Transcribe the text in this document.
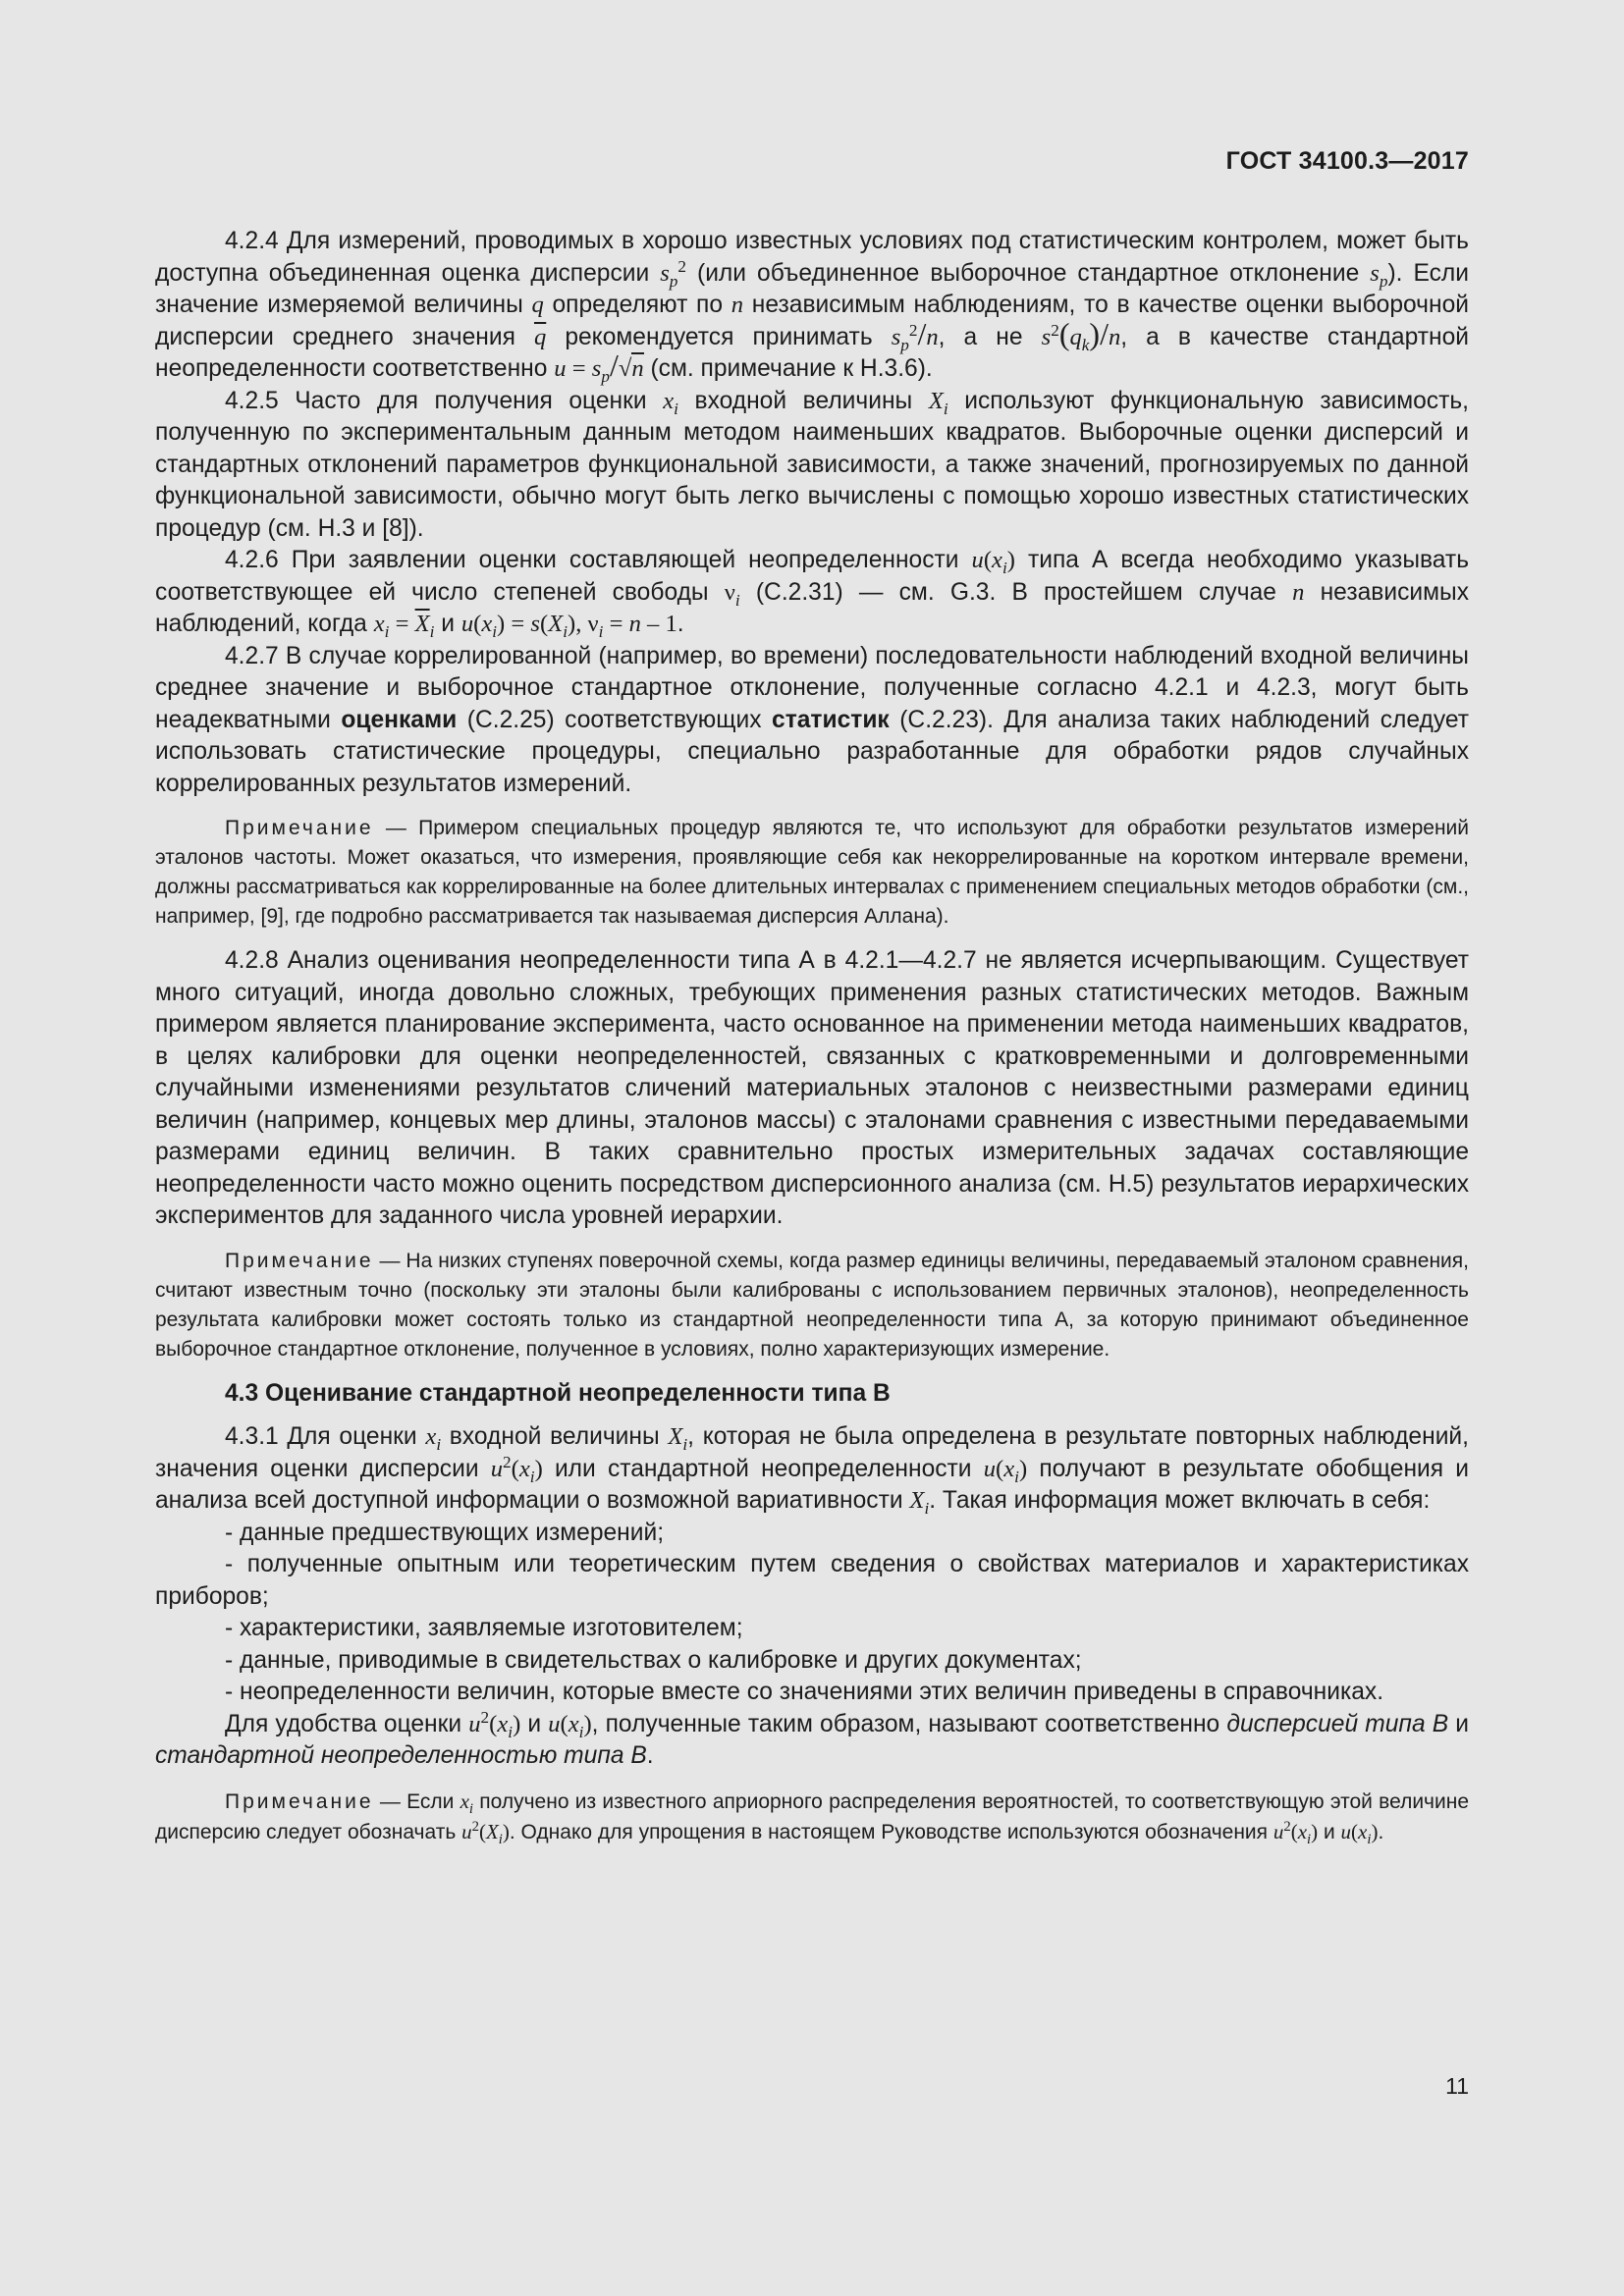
ГОСТ 34100.3—2017

4.2.4 Для измерений, проводимых в хорошо известных условиях под статистическим контролем, может быть доступна объединенная оценка дисперсии $s_p^2$ (или объединенное выборочное стандартное отклонение $s_p$). Если значение измеряемой величины q определяют по n независимым наблюдениям, то в качестве оценки выборочной дисперсии среднего значения $\overline{q}$ рекомендуется принимать $s_p^2/n$, а не $s^2(q_k)/n$, а в качестве стандартной неопределенности соответственно $u = s_p/√n$ (см. примечание к Н.3.6).

4.2.5 Часто для получения оценки $x_i$ входной величины $X_i$ используют функциональную зависимость, полученную по экспериментальным данным методом наименьших квадратов. Выборочные оценки дисперсий и стандартных отклонений параметров функциональной зависимости, а также значений, прогнозируемых по данной функциональной зависимости, обычно могут быть легко вычислены с помощью хорошо известных статистических процедур (см. Н.3 и [8]).

4.2.6 При заявлении оценки составляющей неопределенности $u(x_i)$ типа А всегда необходимо указывать соответствующее ей число степеней свободы $\nu_i$ (С.2.31) — см. G.3. В простейшем случае n независимых наблюдений, когда $x_i = \overline{X}_i$ и $u(x_i) = s(X_i)$, $\nu_i = n - 1$.

4.2.7 В случае коррелированной (например, во времени) последовательности наблюдений входной величины среднее значение и выборочное стандартное отклонение, полученные согласно 4.2.1 и 4.2.3, могут быть неадекватными оценками (С.2.25) соответствующих статистик (С.2.23). Для анализа таких наблюдений следует использовать статистические процедуры, специально разработанные для обработки рядов случайных коррелированных результатов измерений.

Примечание — Примером специальных процедур являются те, что используют для обработки результатов измерений эталонов частоты. Может оказаться, что измерения, проявляющие себя как некоррелированные на коротком интервале времени, должны рассматриваться как коррелированные на более длительных интервалах с применением специальных методов обработки (см., например, [9], где подробно рассматривается так называемая дисперсия Аллана).

4.2.8 Анализ оценивания неопределенности типа А в 4.2.1—4.2.7 не является исчерпывающим. Существует много ситуаций, иногда довольно сложных, требующих применения разных статистических методов. Важным примером является планирование эксперимента, часто основанное на применении метода наименьших квадратов, в целях калибровки для оценки неопределенностей, связанных с кратковременными и долговременными случайными изменениями результатов сличений материальных эталонов с неизвестными размерами единиц величин (например, концевых мер длины, эталонов массы) с эталонами сравнения с известными передаваемыми размерами единиц величин. В таких сравнительно простых измерительных задачах составляющие неопределенности часто можно оценить посредством дисперсионного анализа (см. Н.5) результатов иерархических экспериментов для заданного числа уровней иерархии.

Примечание — На низких ступенях поверочной схемы, когда размер единицы величины, передаваемый эталоном сравнения, считают известным точно (поскольку эти эталоны были калиброваны с использованием первичных эталонов), неопределенность результата калибровки может состоять только из стандартной неопределенности типа А, за которую принимают объединенное выборочное стандартное отклонение, полученное в условиях, полно характеризующих измерение.

4.3 Оценивание стандартной неопределенности типа В

4.3.1 Для оценки $x_i$ входной величины $X_i$, которая не была определена в результате повторных наблюдений, значения оценки дисперсии $u^2(x_i)$ или стандартной неопределенности $u(x_i)$ получают в результате обобщения и анализа всей доступной информации о возможной вариативности $X_i$. Такая информация может включать в себя:

- данные предшествующих измерений;

- полученные опытным или теоретическим путем сведения о свойствах материалов и характеристиках приборов;

- характеристики, заявляемые изготовителем;

- данные, приводимые в свидетельствах о калибровке и других документах;

- неопределенности величин, которые вместе со значениями этих величин приведены в справочниках.

Для удобства оценки $u^2(x_i)$ и $u(x_i)$, полученные таким образом, называют соответственно дисперсией типа В и стандартной неопределенностью типа В.

Примечание — Если $x_i$ получено из известного априорного распределения вероятностей, то соответствующую этой величине дисперсию следует обозначать $u^2(X_i)$. Однако для упрощения в настоящем Руководстве используются обозначения $u^2(x_i)$ и $u(x_i)$.

11
